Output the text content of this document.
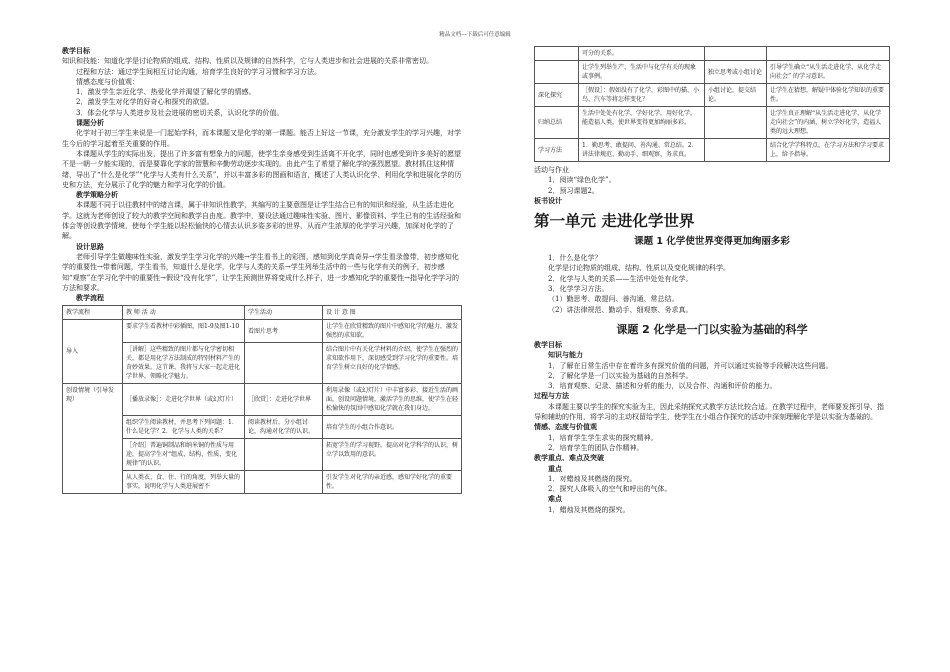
精品文档---下载后可任意编辑
教学目标

知识和技能：知道化学是讨论物质的组成、结构、性质以及规律的自然科学，它与人类进步和社会进展的关系非常密切。

过程和方法：通过学生间相互讨论沟通，培育学生良好的学习习惯和学习方法。

情感态度与价值观：

1．激发学生亲近化学、热爱化学并渴望了解化学的情感。

2．激发学生对化学的好奇心和探究的欲望。

3．体会化学与人类进步及社会进展的密切关系，认识化学的价值。

课题分析

化学对于初三学生来说是一门起始学科，而本课题又是化学的第一课题。能否上好这一节课，充分激发学生的学习兴趣，对学生今后的学习起着至关重要的作用。

本课题从学生的实际出发，提出了许多富有想象力的问题，使学生亲身感受到生活离不开化学，同时也感受到许多美好的愿望不是一朝一夕能实现的，而是要靠化学家的智慧和辛勤劳动逐步实现的。由此产生了希望了解化学的强烈愿望。教材抓住这种情绪，导出了“什么是化学”“化学与人类有什么关系”，并以丰富多彩的图画和语言，概述了人类认识化学、利用化学和进展化学的历史和方法，充分展示了化学的魅力和学习化学的价值。

教学策略分析

本课题不同于以往教材中的绪言课，属于非知识性教学，其编写的主要意图是让学生结合已有的知识和经验，从生活走进化学。这就为老师创设了较大的教学空间和教学自由度。教学中，要设法通过趣味性实验、图片、影像资料、学生已有的生活经验和体会等创设教学情境，使每个学生能以轻松愉快的心情去认识多姿多彩的世界，从而产生浓厚的化学学习兴趣，加深对化学的了解。

设计思路

老师引导学生做趣味性实验，激发学生学习化学的兴趣→学生看书上的彩图，感知到化学真奇异→学生看录像带，初步感知化学的重要性→带着问题，学生看书，知道什么是化学，化学与人类的关系→学生列举生活中的一些与化学有关的例子，初步感知“观察”在学习化学中的重要性→假设“没有化学”，让学生预测世界将变成什么样子，进一步感知化学的重要性→指导化学学习的方法和要求。

教学流程
教学流程	教 师 活 动	学生活动	设 计 意 图
导入	要求学生看教材中彩插图，图1-9及图1-10	看图片思考	让学生在欣赏精致的图片中感知化学的魅力，激发强烈的求知欲。
	［讲解］这些精致的图片都与化学密切相关，都是用化学方法制成的特别材料产生的奇妙效果。这节课，我将与大家一起走进化学世界，领略化学魅力。		结合图片中有关化学材料的介绍，使学生在强烈的求知欲作用下，深切感受到学习化学的重要性。培育学生树立良好的化学情感。
创设情境（引导发现）	［播放录像］：走进化学世界（或幻灯片）	［欣赏］：走进化学世界	利用录像（或幻灯片）中丰富多彩、接近生活的画面，创设问题情境，激活学生的思维，使学生在轻松愉快的氛围中感知化学就在我们身边。
	组织学生阅读教材，并思考下列问题：1．什么是化学？2．化学与人类的关系？	阅读教材后，分小组讨论，沟通对化学的认识。	培育学生的小组合作意识。
	［介绍］普遍铜制品和纳米铜的性质与用途，提高学生对“组成、结构、性质、变化规律”的认识。		拓宽学生的学习视野，提高对化学科学的认识，树立学以致用的意识。
	从人类衣、食、住、行的角度，列举大量的事实，说明化学与人类进展密不		引发学生对化学的亲近感，感知学好化学的重要性。
	可分的关系。		
	让学生列举生产、生活中与化学有关的现象或事例。	独立思考或小组讨论	引导学生确立“从生活走进化学，从化学走向社会” 的学习意识。
深化探究	［假设］：假如没有了化学，彩图中的猫、小鸟、汽车等将怎样变化？	小组讨论，提交结论。	让学生在猜想，解疑中体验化学知识的重要性。
归纳总结	生活中处处有化学，学好化学，用好化学，能造福人类，使世界变得更加绚丽多彩。		让学生真正理解“从生活走进化学，从化学走向社会”的内涵，树立学好化学，造福人类的远大理想。
学习方法	1．勤思考、敢提问、善沟通、常总结。2．讲法律规范、勤动手、细观察、务求真。		结合化学学科特点，在学习方法和学习要求上，给予指导。
活动与作业

1．阅读“绿色化学”。

2．预习课题2。

板书设计
第一单元 走进化学世界
课题 1 化学使世界变得更加绚丽多彩

1．什么是化学？

化学是讨论物质的组成、结构、性质以及变化规律的科学。

2．化学与人类的关系——生活中处处有化学。

3．化学学习方法。

（1）勤思考、敢提问、善沟通、常总结。

（2）讲法律规范、勤动手、细观察、务求真。

课题 2 化学是一门以实验为基础的科学
教学目标
知识与能力

1．了解在日常生活中存在着许多有探究价值的问题，并可以通过实验等手段解决这些问题。

2．了解化学是一门以实验为基础的自然科学。

3．培育观察、记录、描述和分析的能力，以及合作、沟通和评价的能力。

过程与方法

本课题主要以学生的探究实验为主，因此采纳探究式教学方法比较合适。在教学过程中，老师要发挥引导、指导和辅助的作用，将学习的主动权留给学生，使学生在小组合作探究的活动中深刻理解化学是以实验为基础的。

情感、态度与价值观

1．培育学生学生求实的探究精神。

2．培育学生的团队合作精神。

教学重点、难点及突破
重点

1．对蜡烛及其燃烧的探究。

2．探究人体吸入的空气和呼出的气体。

难点

1．蜡烛及其燃烧的探究。
